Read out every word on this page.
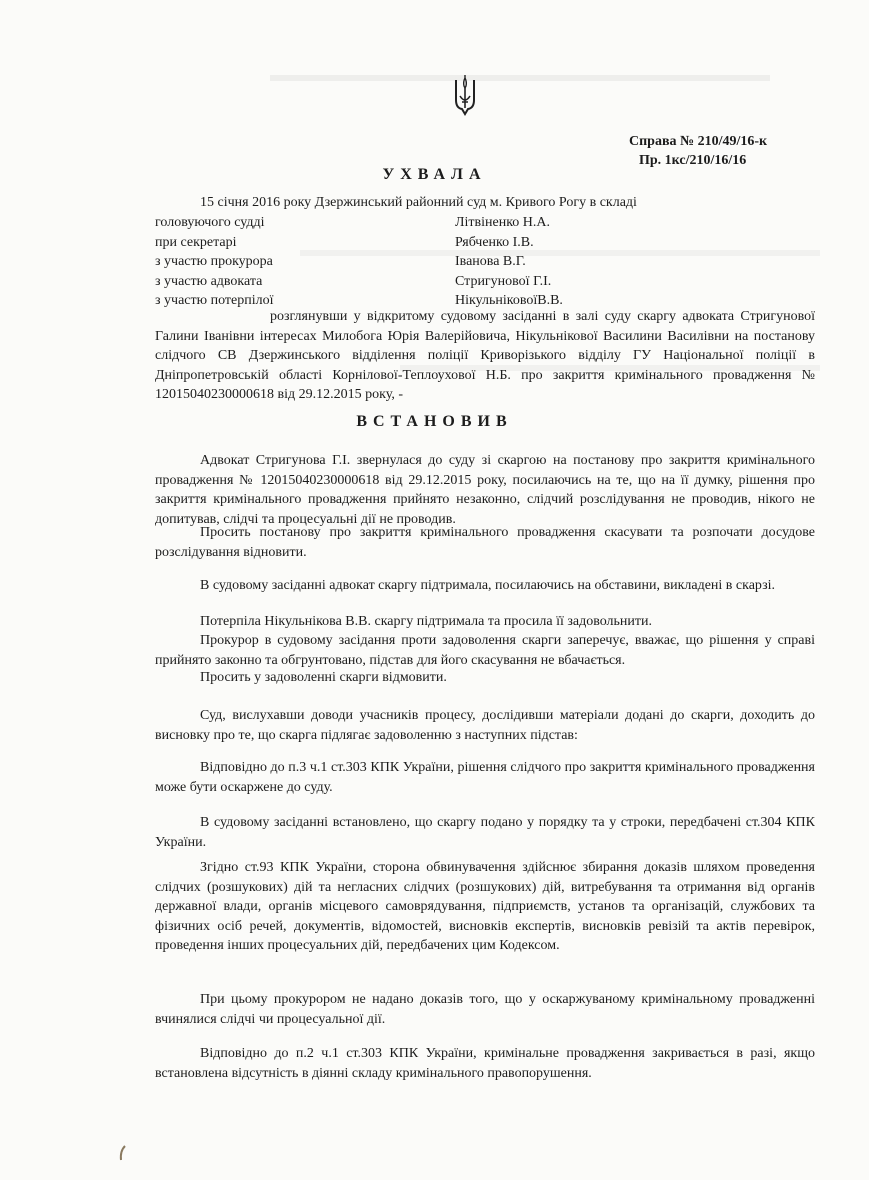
Справа № 210/49/16-к
Пр. 1кс/210/16/16
УХВАЛА
15 січня 2016 року Дзержинський районний суд м. Кривого Рогу в складі
головуючого судді	Літвіненко Н.А.
при секретарі	Рябченко І.В.
з участю прокурора	Іванова В.Г.
з участю адвоката	Стригунової Г.І.
з участю потерпілої	НікульніковоїВ.В.

розглянувши у відкритому судовому засіданні в залі суду скаргу адвоката Стригунової Галини Іванівни інтересах Милобога Юрія Валерійовича, Нікульнікової Василини Василівни на постанову слідчого СВ Дзержинського відділення поліції Криворізького відділу ГУ Національної поліції в Дніпропетровській області Корнілової-Теплоухової Н.Б. про закриття кримінального провадження № 12015040230000618 від 29.12.2015 року, -

ВСТАНОВИВ

Адвокат Стригунова Г.І. звернулася до суду зі скаргою на постанову про закриття кримінального провадження № 12015040230000618 від 29.12.2015 року, посилаючись на те, що на її думку, рішення про закриття кримінального провадження прийнято незаконно, слідчий розслідування не проводив, нікого не допитував, слідчі та процесуальні дії не проводив.

Просить постанову про закриття кримінального провадження скасувати та розпочати досудове розслідування відновити.

В судовому засіданні адвокат скаргу підтримала, посилаючись на обставини, викладені в скарзі.

Потерпіла Нікульнікова В.В. скаргу підтримала та просила її задовольнити.

Прокурор в судовому засідання проти задоволення скарги заперечує, вважає, що рішення у справі прийнято законно та обгрунтовано, підстав для його скасування не вбачається.

Просить у задоволенні скарги відмовити.

Суд, вислухавши доводи учасників процесу, дослідивши матеріали додані до скарги, доходить до висновку про те, що скарга підлягає задоволенню з наступних підстав:

Відповідно до п.3 ч.1 ст.303 КПК України, рішення слідчого про закриття кримінального провадження може бути оскаржене до суду.

В судовому засіданні встановлено, що скаргу подано у порядку та у строки, передбачені ст.304 КПК України.

Згідно ст.93 КПК України, сторона обвинувачення здійснює збирання доказів шляхом проведення слідчих (розшукових) дій та негласних слідчих (розшукових) дій, витребування та отримання від органів державної влади, органів місцевого самоврядування, підприємств, установ та організацій, службових та фізичних осіб речей, документів, відомостей, висновків експертів, висновків ревізій та актів перевірок, проведення інших процесуальних дій, передбачених цим Кодексом.

При цьому прокурором не надано доказів того, що у оскаржуваному кримінальному провадженні вчинялися слідчі чи процесуальної дії.

Відповідно до п.2 ч.1 ст.303 КПК України, кримінальне провадження закривається в разі, якщо встановлена відсутність в діянні складу кримінального правопорушення.
